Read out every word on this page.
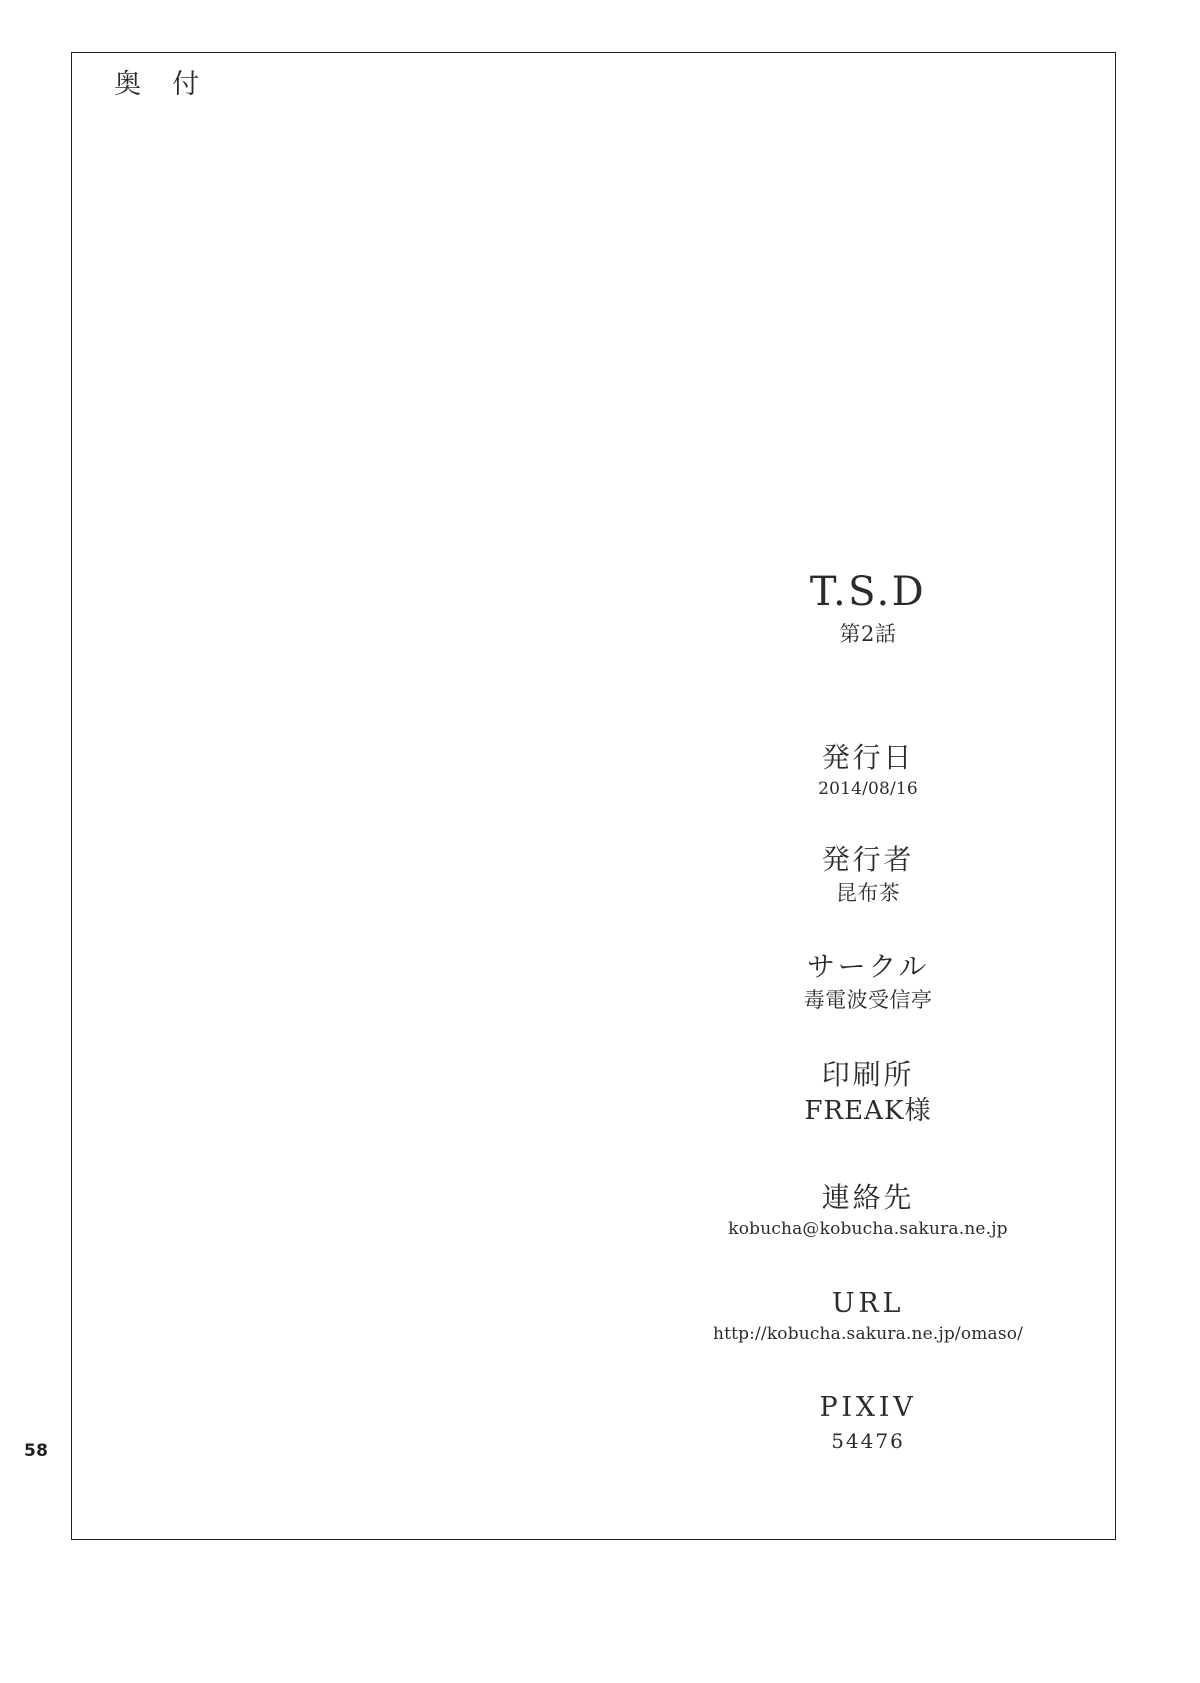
奥 付
T.S.D
第2話
発行日
2014/08/16
発行者
昆布茶
サークル
毒電波受信亭
印刷所
FREAK様
連絡先
kobucha@kobucha.sakura.ne.jp
URL
http://kobucha.sakura.ne.jp/omaso/
PIXIV
54476
58
